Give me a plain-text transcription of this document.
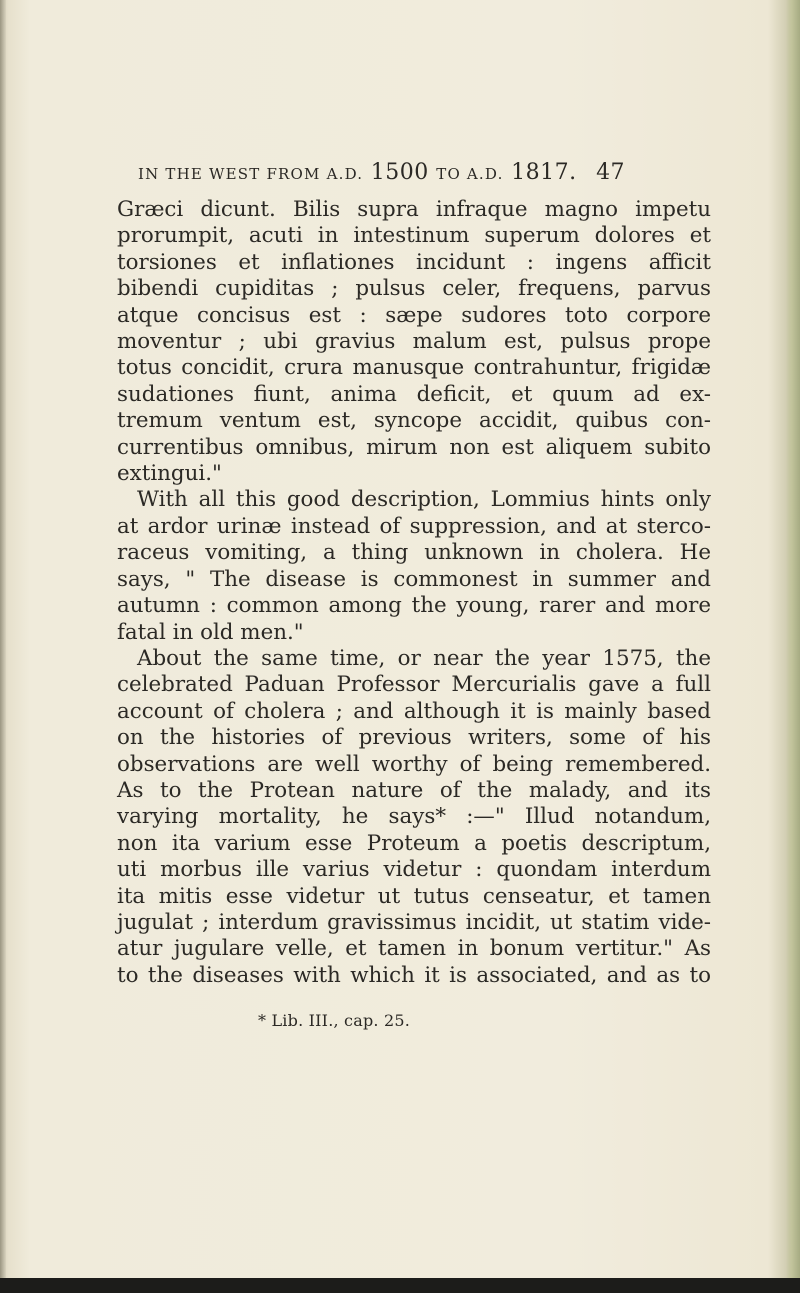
IN THE WEST FROM A.D. 1500 TO A.D. 1817. 47
Græci dicunt. Bilis supra infraque magno impetu
prorumpit, acuti in intestinum superum dolores et
torsiones et inflationes incidunt : ingens afficit
bibendi cupiditas ; pulsus celer, frequens, parvus
atque concisus est : sæpe sudores toto corpore
moventur ; ubi gravius malum est, pulsus prope
totus concidit, crura manusque contrahuntur, frigidæ
sudationes fiunt, anima deficit, et quum ad ex-
tremum ventum est, syncope accidit, quibus con-
currentibus omnibus, mirum non est aliquem subito
extingui."
With all this good description, Lommius hints only
at ardor urinæ instead of suppression, and at sterco-
raceus vomiting, a thing unknown in cholera. He
says, " The disease is commonest in summer and
autumn : common among the young, rarer and more
fatal in old men."
About the same time, or near the year 1575, the
celebrated Paduan Professor Mercurialis gave a full
account of cholera ; and although it is mainly based
on the histories of previous writers, some of his
observations are well worthy of being remembered.
As to the Protean nature of the malady, and its
varying mortality, he says* :—" Illud notandum,
non ita varium esse Proteum a poetis descriptum,
uti morbus ille varius videtur : quondam interdum
ita mitis esse videtur ut tutus censeatur, et tamen
jugulat ; interdum gravissimus incidit, ut statim vide-
atur jugulare velle, et tamen in bonum vertitur." As
to the diseases with which it is associated, and as to
* Lib. III., cap. 25.
